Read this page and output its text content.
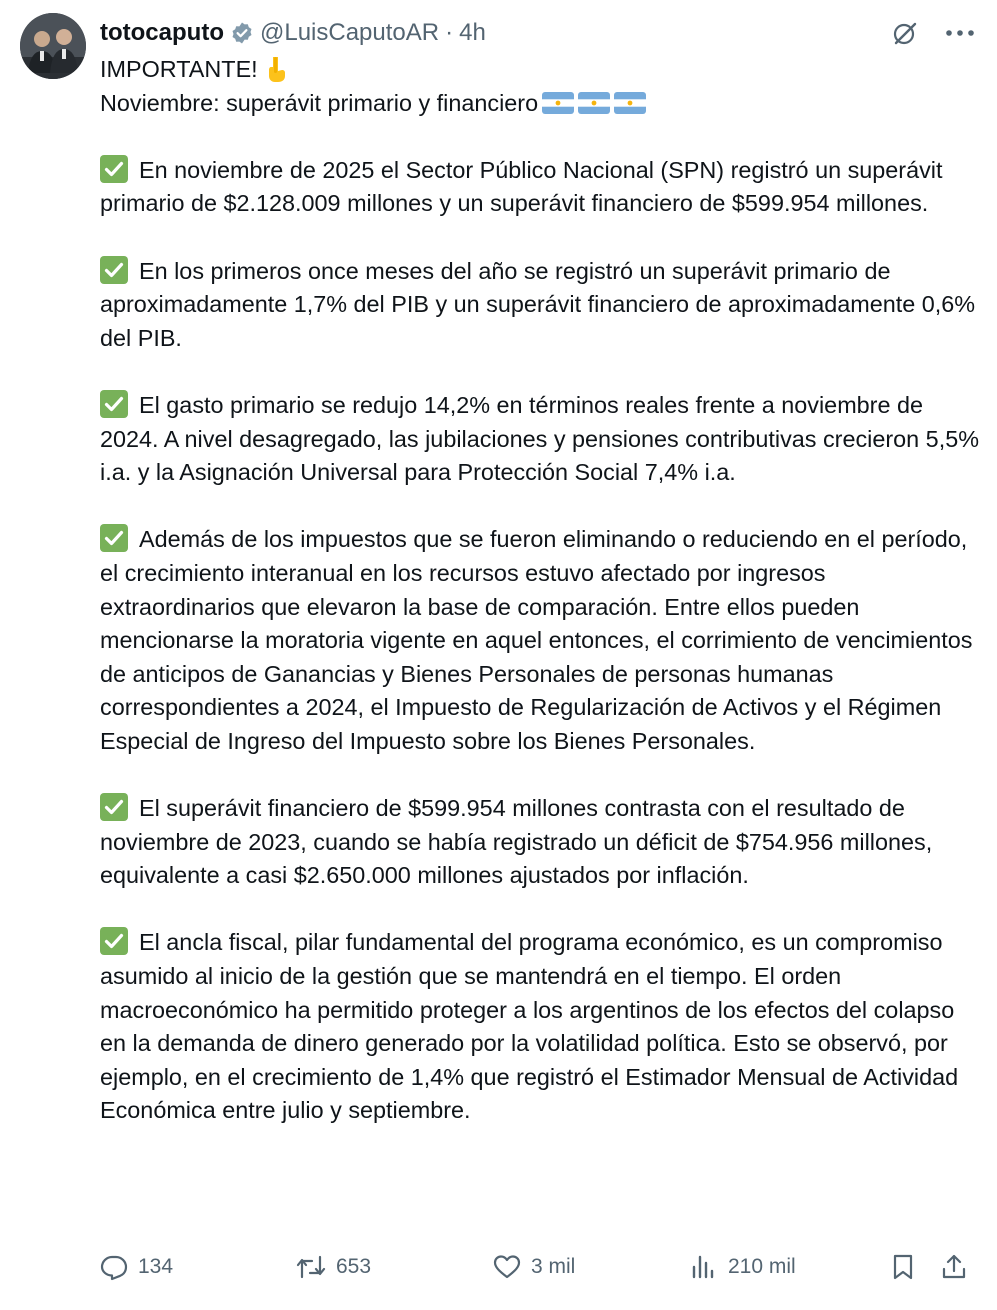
totocaputo @LuisCaputoAR · 4h

IMPORTANTE!

Noviembre: superávit primario y financiero

En noviembre de 2025 el Sector Público Nacional (SPN) registró un superávit primario de $2.128.009 millones y un superávit financiero de $599.954 millones.

En los primeros once meses del año se registró un superávit primario de aproximadamente 1,7% del PIB y un superávit financiero de aproximadamente 0,6% del PIB.

El gasto primario se redujo 14,2% en términos reales frente a noviembre de 2024. A nivel desagregado, las jubilaciones y pensiones contributivas crecieron 5,5% i.a. y la Asignación Universal para Protección Social 7,4% i.a.

Además de los impuestos que se fueron eliminando o reduciendo en el período, el crecimiento interanual en los recursos estuvo afectado por ingresos extraordinarios que elevaron la base de comparación. Entre ellos pueden mencionarse la moratoria vigente en aquel entonces, el corrimiento de vencimientos de anticipos de Ganancias y Bienes Personales de personas humanas correspondientes a 2024, el Impuesto de Regularización de Activos y el Régimen Especial de Ingreso del Impuesto sobre los Bienes Personales.

El superávit financiero de $599.954 millones contrasta con el resultado de noviembre de 2023, cuando se había registrado un déficit de $754.956 millones, equivalente a casi $2.650.000 millones ajustados por inflación.

El ancla fiscal, pilar fundamental del programa económico, es un compromiso asumido al inicio de la gestión que se mantendrá en el tiempo. El orden macroeconómico ha permitido proteger a los argentinos de los efectos del colapso en la demanda de dinero generado por la volatilidad política. Esto se observó, por ejemplo, en el crecimiento de 1,4% que registró el Estimador Mensual de Actividad Económica entre julio y septiembre.

134	653	3 mil	210 mil
